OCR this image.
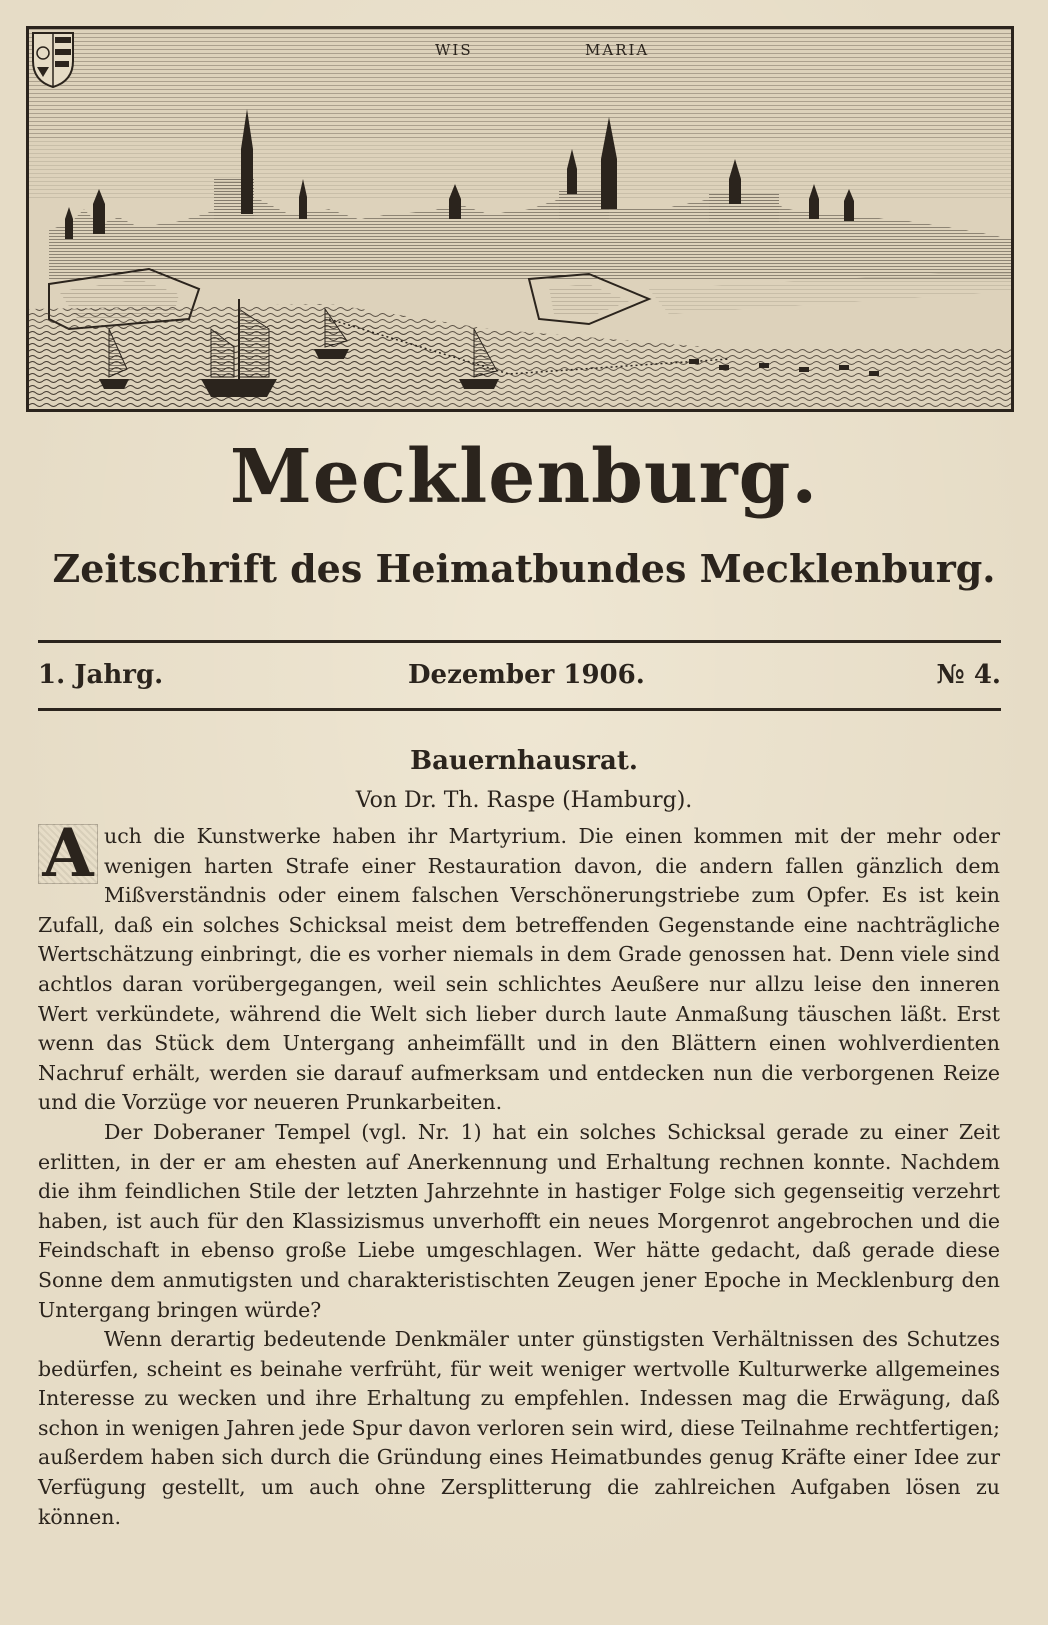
WIS	MARIA
Mecklenburg.
Zeitschrift des Heimatbundes Mecklenburg.
1. Jahrg.	Dezember 1906.	№ 4.
Bauernhausrat.
Von Dr. Th. Raspe (Hamburg).

A uch die Kunstwerke haben ihr Martyrium. Die einen kommen mit der mehr oder wenigen harten Strafe einer Restauration davon, die andern fallen gänzlich dem Mißverständnis oder einem falschen Verschönerungstriebe zum Opfer. Es ist kein Zufall, daß ein solches Schicksal meist dem betreffenden Gegenstande eine nachträgliche Wertschätzung einbringt, die es vorher niemals in dem Grade genossen hat. Denn viele sind achtlos daran vorübergegangen, weil sein schlichtes Aeußere nur allzu leise den inneren Wert verkündete, während die Welt sich lieber durch laute Anmaßung täuschen läßt. Erst wenn das Stück dem Untergang anheimfällt und in den Blättern einen wohlverdienten Nachruf erhält, werden sie darauf aufmerksam und entdecken nun die verborgenen Reize und die Vorzüge vor neueren Prunkarbeiten.

Der Doberaner Tempel (vgl. Nr. 1) hat ein solches Schicksal gerade zu einer Zeit erlitten, in der er am ehesten auf Anerkennung und Erhaltung rechnen konnte. Nachdem die ihm feindlichen Stile der letzten Jahrzehnte in hastiger Folge sich gegenseitig verzehrt haben, ist auch für den Klassizismus unverhofft ein neues Morgenrot angebrochen und die Feindschaft in ebenso große Liebe umgeschlagen. Wer hätte gedacht, daß gerade diese Sonne dem anmutigsten und charakteristischten Zeugen jener Epoche in Mecklenburg den Untergang bringen würde?

Wenn derartig bedeutende Denkmäler unter günstigsten Verhältnissen des Schutzes bedürfen, scheint es beinahe verfrüht, für weit weniger wertvolle Kulturwerke allgemeines Interesse zu wecken und ihre Erhaltung zu empfehlen. Indessen mag die Erwägung, daß schon in wenigen Jahren jede Spur davon verloren sein wird, diese Teilnahme rechtfertigen; außerdem haben sich durch die Gründung eines Heimatbundes genug Kräfte einer Idee zur Verfügung gestellt, um auch ohne Zersplitterung die zahlreichen Aufgaben lösen zu können.
